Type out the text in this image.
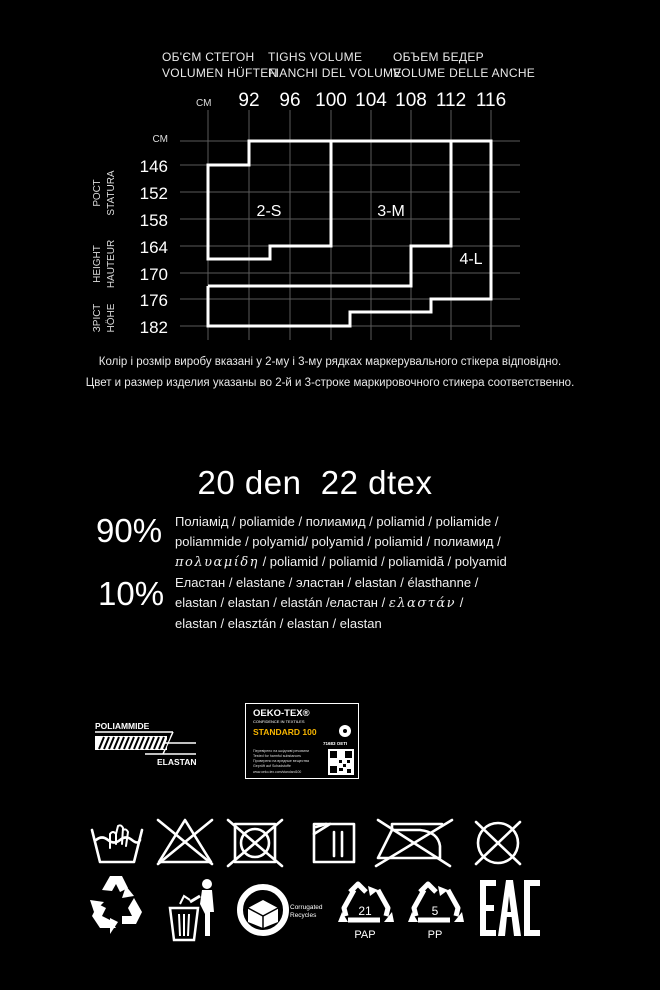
ОБ'ЄМ СТЕГОН
VOLUMEN HÜFTEN
TIGHS VOLUME
FIANCHI DEL VOLUME
ОБЪЕМ БЕДЕР
VOLUME DELLE ANCHE
СМ 92 96 100 104 108 112 116
СМ
146
152
158
164
170
176
182
2-S	3-M
4-L
РОСТ STATURA
HEIGHT HAUTEUR
ЗРІСТ HÖHE
Колір і розмір виробу вказані у 2-му і 3-му рядках маркерувального стікера відповідно.
Цвет и размер изделия указаны во 2-й и 3-строке маркировочного стикера соответственно.
20 den  22 dtex
90% Поліамід / poliamide / полиамид / poliamid / poliamide /
poliammide / polyamid/ polyamid / poliamid / полиамид /
πολυαμίδη / poliamid / poliamid / poliamidă / polyamid
10% Еластан / elastane / эластан / elastan / élasthanne /
elastan / elastan / elastán /еластан / ελαστάν /
elastan / elasztán / elastan / elastan
POLIAMMIDE
ELASTAN
OEKO-TEX®
CONFIDENCE IN TEXTILES
STANDARD 100
71683 OETI
Перевірено на шкідливі речовини
Tested for harmful substances
Проверено на вредные вещества
Geprüft auf Schadstoffe
www.oeko-tex.com/standard100
Corrugated
Recycles	21
PAP
5
PP
